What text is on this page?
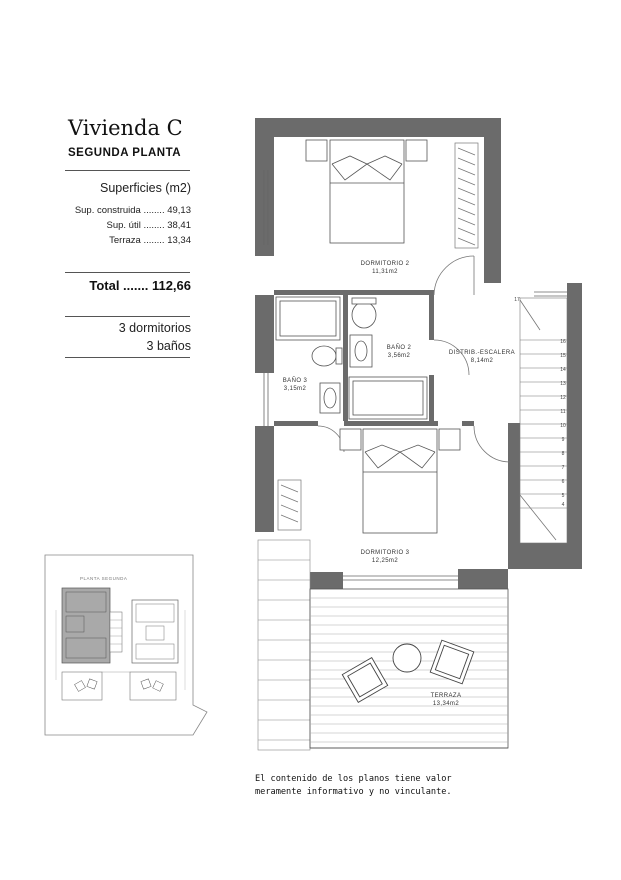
Vivienda C
SEGUNDA PLANTA
Superficies (m2)
Sup. construida ........ 49,13
Sup. útil ........ 38,41
Terraza ........ 13,34
Total ....... 112,66
3 dormitorios
3 baños
17
16
15
14
13
12
11
10
9
8
7
6
5
4
DORMITORIO 2
11,31m2
BAÑO 2
3,56m2
BAÑO 3
3,15m2
DISTRIB.-ESCALERA
8,14m2
DORMITORIO 3
12,25m2
TERRAZA
13,34m2
PLANTA SEGUNDA
El contenido de los planos tiene valor
meramente informativo y no vinculante.
